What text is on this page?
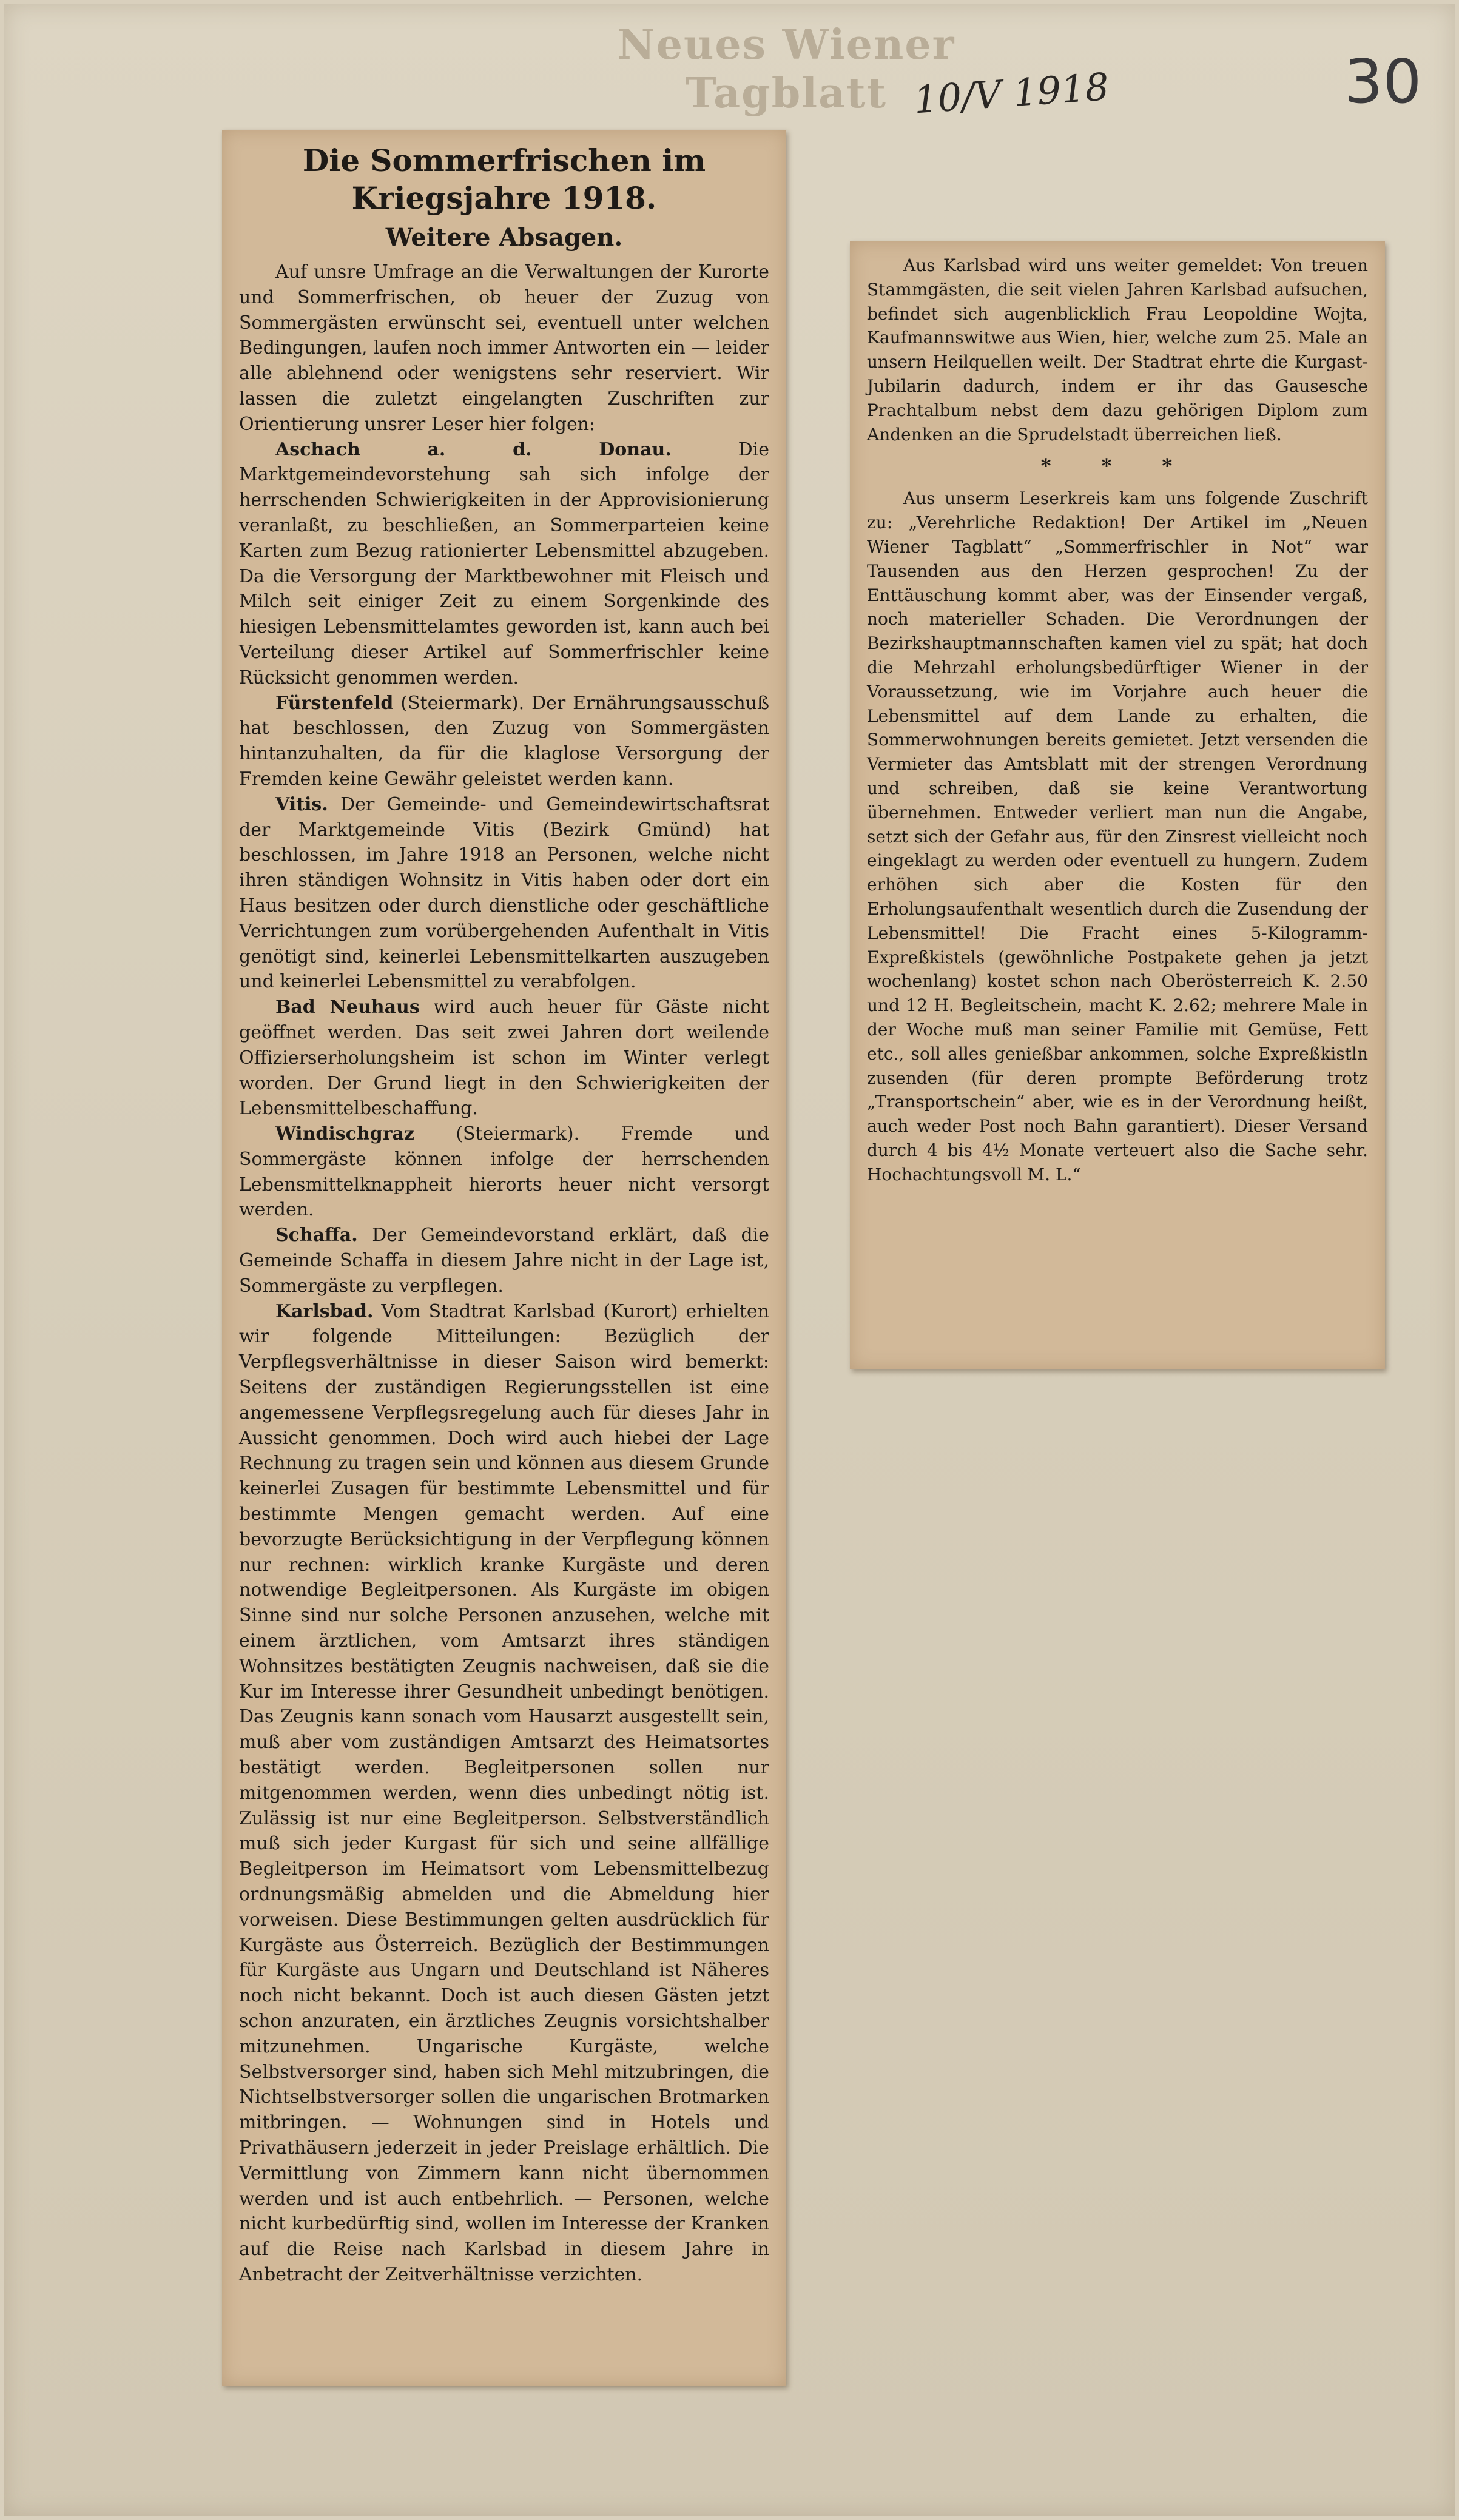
Neues Wiener Tagblatt 10/V 1918	30

Die Sommerfrischen im Kriegsjahre 1918.
Weitere Absagen.

Auf unsre Umfrage an die Verwaltungen der Kurorte und Sommerfrischen, ob heuer der Zuzug von Sommergästen erwünscht sei, eventuell unter welchen Bedingungen, laufen noch immer Antworten ein — leider alle ablehnend oder wenigstens sehr reserviert. Wir lassen die zuletzt eingelangten Zuschriften zur Orientierung unsrer Leser hier folgen:

Aschach a. d. Donau. Die Marktgemeindevorstehung sah sich infolge der herrschenden Schwierigkeiten in der Approvisionierung veranlaßt, zu beschließen, an Sommerparteien keine Karten zum Bezug rationierter Lebensmittel abzugeben. Da die Versorgung der Marktbewohner mit Fleisch und Milch seit einiger Zeit zu einem Sorgenkinde des hiesigen Lebensmittelamtes geworden ist, kann auch bei Verteilung dieser Artikel auf Sommerfrischler keine Rücksicht genommen werden.

Fürstenfeld (Steiermark). Der Ernährungsausschuß hat beschlossen, den Zuzug von Sommergästen hintanzuhalten, da für die klaglose Versorgung der Fremden keine Gewähr geleistet werden kann.

Vitis. Der Gemeinde- und Gemeindewirtschaftsrat der Marktgemeinde Vitis (Bezirk Gmünd) hat beschlossen, im Jahre 1918 an Personen, welche nicht ihren ständigen Wohnsitz in Vitis haben oder dort ein Haus besitzen oder durch dienstliche oder geschäftliche Verrichtungen zum vorübergehenden Aufenthalt in Vitis genötigt sind, keinerlei Lebensmittelkarten auszugeben und keinerlei Lebensmittel zu verabfolgen.

Bad Neuhaus wird auch heuer für Gäste nicht geöffnet werden. Das seit zwei Jahren dort weilende Offizierserholungsheim ist schon im Winter verlegt worden. Der Grund liegt in den Schwierigkeiten der Lebensmittelbeschaffung.

Windischgraz (Steiermark). Fremde und Sommergäste können infolge der herrschenden Lebensmittelknappheit hierorts heuer nicht versorgt werden.

Schaffa. Der Gemeindevorstand erklärt, daß die Gemeinde Schaffa in diesem Jahre nicht in der Lage ist, Sommergäste zu verpflegen.

Karlsbad. Vom Stadtrat Karlsbad (Kurort) erhielten wir folgende Mitteilungen: Bezüglich der Verpflegsverhältnisse in dieser Saison wird bemerkt: Seitens der zuständigen Regierungsstellen ist eine angemessene Verpflegsregelung auch für dieses Jahr in Aussicht genommen. Doch wird auch hiebei der Lage Rechnung zu tragen sein und können aus diesem Grunde keinerlei Zusagen für bestimmte Lebensmittel und für bestimmte Mengen gemacht werden. Auf eine bevorzugte Berücksichtigung in der Verpflegung können nur rechnen: wirklich kranke Kurgäste und deren notwendige Begleitpersonen. Als Kurgäste im obigen Sinne sind nur solche Personen anzusehen, welche mit einem ärztlichen, vom Amtsarzt ihres ständigen Wohnsitzes bestätigten Zeugnis nachweisen, daß sie die Kur im Interesse ihrer Gesundheit unbedingt benötigen. Das Zeugnis kann sonach vom Hausarzt ausgestellt sein, muß aber vom zuständigen Amtsarzt des Heimatsortes bestätigt werden. Begleitpersonen sollen nur mitgenommen werden, wenn dies unbedingt nötig ist. Zulässig ist nur eine Begleitperson. Selbstverständlich muß sich jeder Kurgast für sich und seine allfällige Begleitperson im Heimatsort vom Lebensmittelbezug ordnungsmäßig abmelden und die Abmeldung hier vorweisen. Diese Bestimmungen gelten ausdrücklich für Kurgäste aus Österreich. Bezüglich der Bestimmungen für Kurgäste aus Ungarn und Deutschland ist Näheres noch nicht bekannt. Doch ist auch diesen Gästen jetzt schon anzuraten, ein ärztliches Zeugnis vorsichtshalber mitzunehmen. Ungarische Kurgäste, welche Selbstversorger sind, haben sich Mehl mitzubringen, die Nichtselbstversorger sollen die ungarischen Brotmarken mitbringen. — Wohnungen sind in Hotels und Privathäusern jederzeit in jeder Preislage erhältlich. Die Vermittlung von Zimmern kann nicht übernommen werden und ist auch entbehrlich. — Personen, welche nicht kurbedürftig sind, wollen im Interesse der Kranken auf die Reise nach Karlsbad in diesem Jahre in Anbetracht der Zeitverhältnisse verzichten.

Aus Karlsbad wird uns weiter gemeldet: Von treuen Stammgästen, die seit vielen Jahren Karlsbad aufsuchen, befindet sich augenblicklich Frau Leopoldine Wojta, Kaufmannswitwe aus Wien, hier, welche zum 25. Male an unsern Heilquellen weilt. Der Stadtrat ehrte die Kurgast-Jubilarin dadurch, indem er ihr das Gausesche Prachtalbum nebst dem dazu gehörigen Diplom zum Andenken an die Sprudelstadt überreichen ließ.

* * *

Aus unserm Leserkreis kam uns folgende Zuschrift zu: „Verehrliche Redaktion! Der Artikel im „Neuen Wiener Tagblatt“ „Sommerfrischler in Not“ war Tausenden aus den Herzen gesprochen! Zu der Enttäuschung kommt aber, was der Einsender vergaß, noch materieller Schaden. Die Verordnungen der Bezirkshauptmannschaften kamen viel zu spät; hat doch die Mehrzahl erholungsbedürftiger Wiener in der Voraussetzung, wie im Vorjahre auch heuer die Lebensmittel auf dem Lande zu erhalten, die Sommerwohnungen bereits gemietet. Jetzt versenden die Vermieter das Amtsblatt mit der strengen Verordnung und schreiben, daß sie keine Verantwortung übernehmen. Entweder verliert man nun die Angabe, setzt sich der Gefahr aus, für den Zinsrest vielleicht noch eingeklagt zu werden oder eventuell zu hungern. Zudem erhöhen sich aber die Kosten für den Erholungsaufenthalt wesentlich durch die Zusendung der Lebensmittel! Die Fracht eines 5-Kilogramm-Expreßkistels (gewöhnliche Postpakete gehen ja jetzt wochenlang) kostet schon nach Oberösterreich K. 2.50 und 12 H. Begleitschein, macht K. 2.62; mehrere Male in der Woche muß man seiner Familie mit Gemüse, Fett etc., soll alles genießbar ankommen, solche Expreßkistln zusenden (für deren prompte Beförderung trotz „Transportschein“ aber, wie es in der Verordnung heißt, auch weder Post noch Bahn garantiert). Dieser Versand durch 4 bis 4½ Monate verteuert also die Sache sehr. Hochachtungsvoll M. L.“
